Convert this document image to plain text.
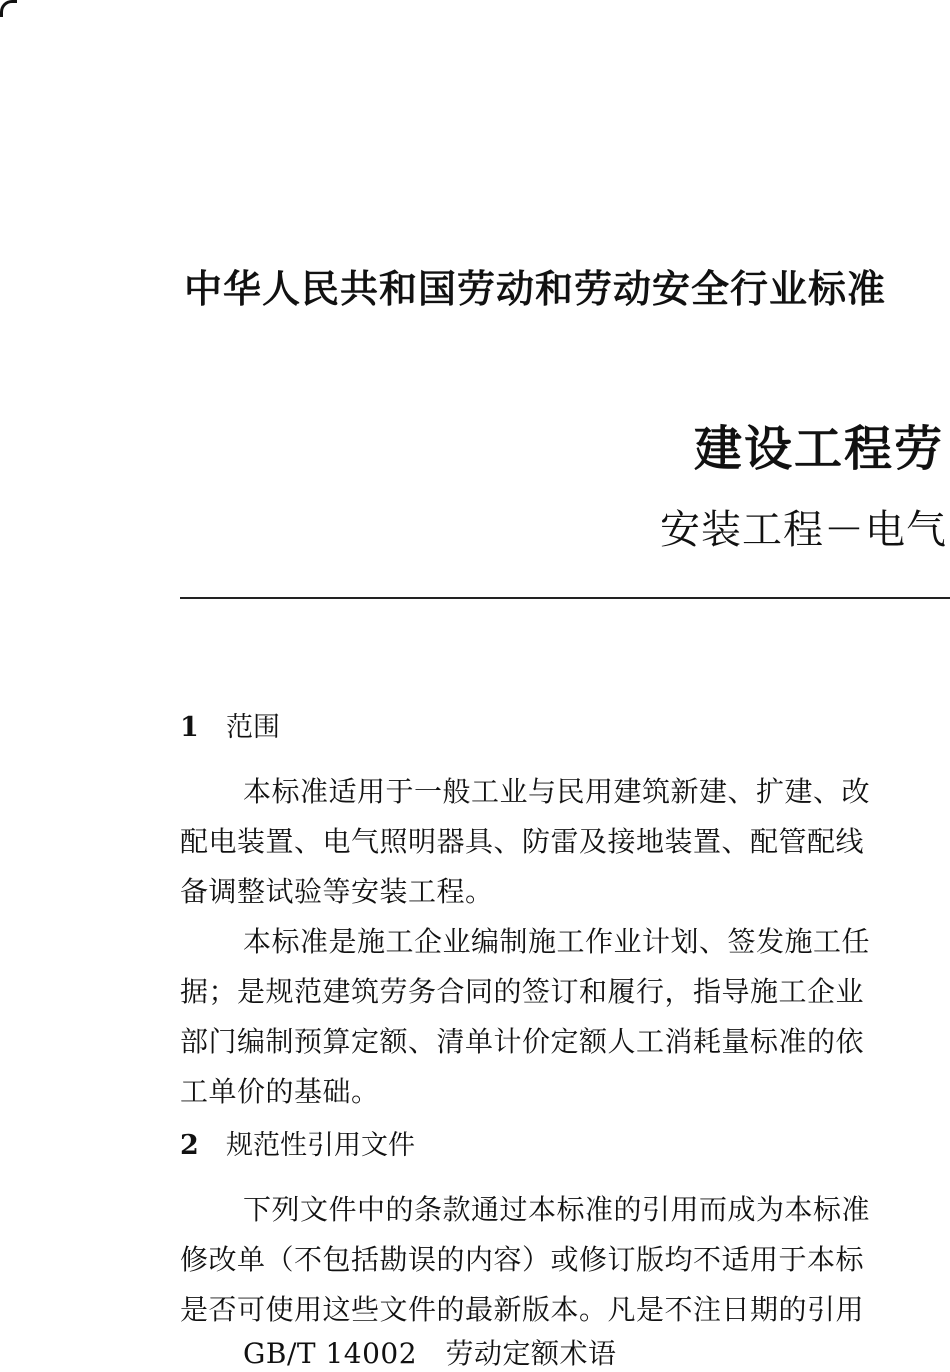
中华人民共和国劳动和劳动安全行业标准
建设工程劳
安装工程－电气
1 范围
本标准适用于一般工业与民用建筑新建、扩建、改
配电装置、电气照明器具、防雷及接地装置、配管配线
备调整试验等安装工程。
本标准是施工企业编制施工作业计划、签发施工任
据；是规范建筑劳务合同的签订和履行，指导施工企业
部门编制预算定额、清单计价定额人工消耗量标准的依
工单价的基础。
2 规范性引用文件
下列文件中的条款通过本标准的引用而成为本标准
修改单（不包括勘误的内容）或修订版均不适用于本标
是否可使用这些文件的最新版本。凡是不注日期的引用
GB/T 14002　劳动定额术语
